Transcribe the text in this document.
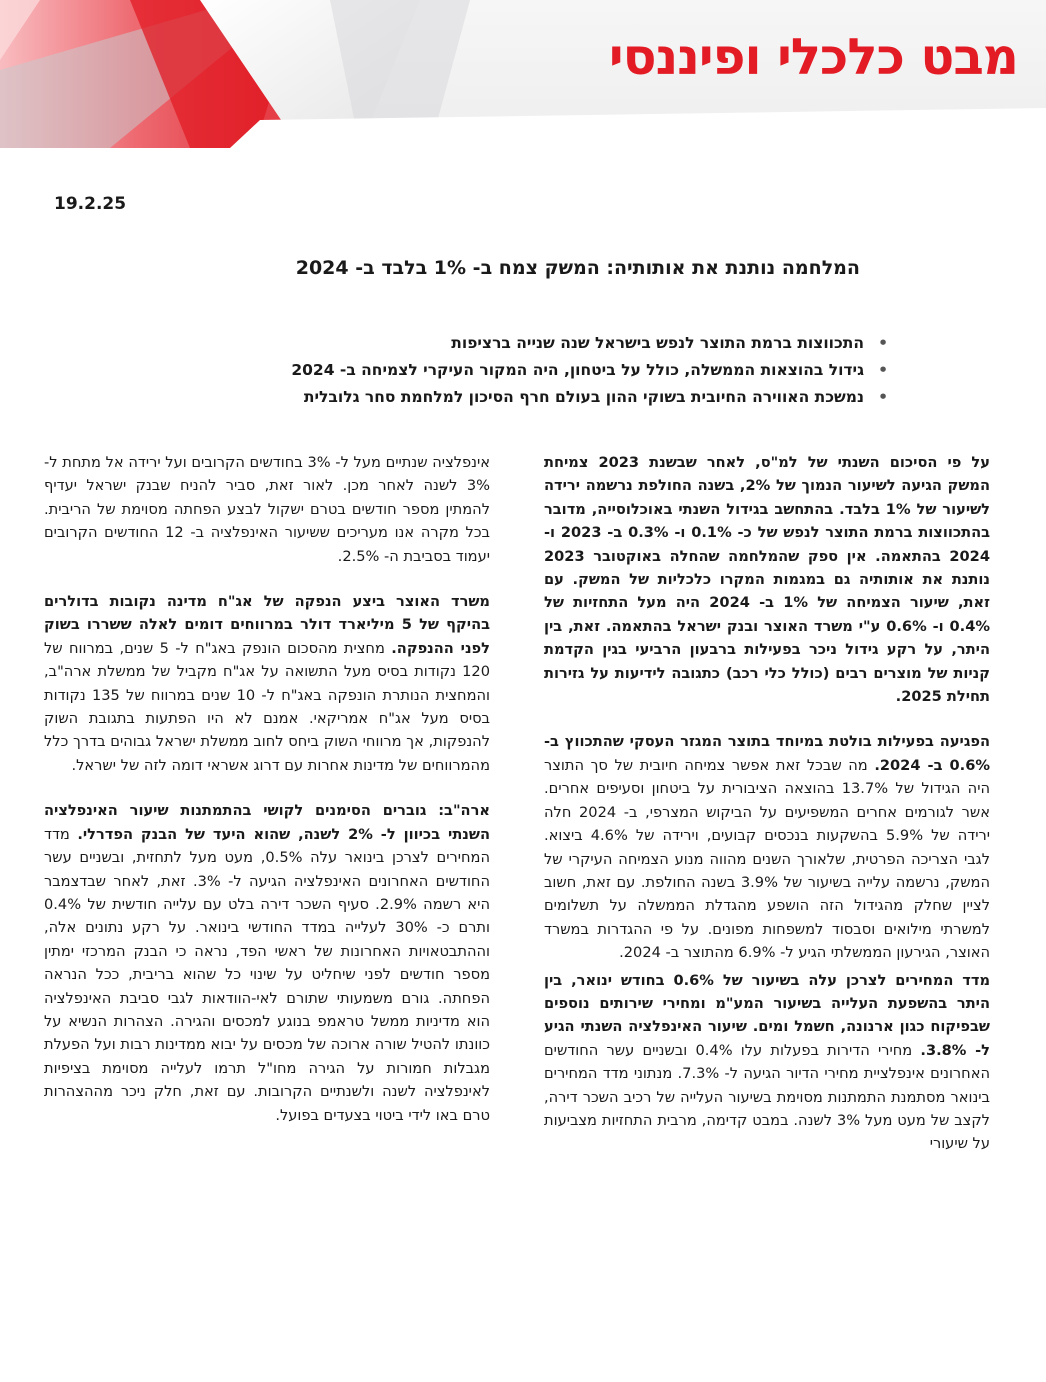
מבט כלכלי ופיננסי
19.2.25
המלחמה נותנת את אותותיה: המשק צמח ב- 1% בלבד ב- 2024
• התכווצות ברמת התוצר לנפש בישראל שנה שנייה ברציפות
• גידול בהוצאות הממשלה, כולל על ביטחון, היה המקור העיקרי לצמיחה ב- 2024
• נמשכת האווירה החיובית בשוקי ההון בעולם חרף הסיכון למלחמת סחר גלובלית

על פי הסיכום השנתי של למ"ס, לאחר שבשנת 2023 צמיחת המשק הגיעה לשיעור הנמוך של 2%, בשנה החולפת נרשמה ירידה לשיעור של 1% בלבד. בהתחשב בגידול השנתי באוכלוסייה, מדובר בהתכווצות ברמת התוצר לנפש של כ- 0.1% ו- 0.3% ב- 2023 ו- 2024 בהתאמה. אין ספק שהמלחמה שהחלה באוקטובר 2023 נותנת את אותותיה גם במגמות המקרו כלכליות של המשק. עם זאת, שיעור הצמיחה של 1% ב- 2024 היה מעל התחזיות של 0.4% ו- 0.6% ע"י משרד האוצר ובנק ישראל בהתאמה. זאת, בין היתר, על רקע גידול ניכר בפעילות ברבעון הרביעי בגין הקדמת קניות של מוצרים רבים (כולל כלי רכב) כתגובה לידיעות על גזירות תחילת 2025.

הפגיעה בפעילות בולטת במיוחד בתוצר המגזר העסקי שהתכווץ ב- 0.6% ב- 2024. מה שבכל זאת אפשר צמיחה חיובית של סך התוצר היה הגידול של 13.7% בהוצאה הציבורית על ביטחון וסעיפים אחרים. אשר לגורמים אחרים המשפיעים על הביקוש המצרפי, ב- 2024 חלה ירידה של 5.9% בהשקעות בנכסים קבועים, וירידה של 4.6% ביצוא. לגבי הצריכה הפרטית, שלאורך השנים מהווה מנוע הצמיחה העיקרי של המשק, נרשמה עלייה בשיעור של 3.9% בשנה החולפת. עם זאת, חשוב לציין שחלק מהגידול הזה הושפע מהגדלת הממשלה על תשלומים למשרתי מילואים וסבסוד למשפחות מפונים. על פי ההגדרות במשרד האוצר, הגירעון הממשלתי הגיע ל- 6.9% מהתוצר ב- 2024.

מדד המחירים לצרכן עלה בשיעור של 0.6% בחודש ינואר, בין היתר בהשפעת העלייה בשיעור המע"מ ומחירי שירותים נוספים שבפיקוח כגון ארנונה, חשמל ומים. שיעור האינפלציה השנתי הגיע ל- 3.8%. מחירי הדירות בפעלות עלו 0.4% ובשניים עשר החודשים האחרונים אינפלציית מחירי הדיור הגיעה ל- 7.3%. מנתוני מדד המחירים בינואר מסתמנת התמתנות מסוימת בשיעור העלייה של רכיב השכר דירה, לקצב של מעט מעל 3% לשנה. במבט קדימה, מרבית התחזיות מצביעות על שיעורי

אינפלציה שנתיים מעל ל- 3% בחודשים הקרובים ועל ירידה אל מתחת ל- 3% לשנה לאחר מכן. לאור זאת, סביר להניח שבנק ישראל יעדיף להמתין מספר חודשים בטרם ישקול לבצע הפחתה מסוימת של הריבית. בכל מקרה אנו מעריכים ששיעור האינפלציה ב- 12 החודשים הקרובים יעמוד בסביבת ה- 2.5%.

משרד האוצר ביצע הנפקה של אג"ח מדינה נקובות בדולרים בהיקף של 5 מיליארד דולר במרווחים דומים לאלה ששררו בשוק לפני ההנפקה. מחצית מהסכום הונפק באג"ח ל- 5 שנים, במרווח של 120 נקודות בסיס מעל התשואה על אג"ח מקביל של ממשלת ארה"ב, והמחצית הנותרת הונפקה באג"ח ל- 10 שנים במרווח של 135 נקודות בסיס מעל אג"ח אמריקאי. אמנם לא היו הפתעות בתגובת השוק להנפקות, אך מרווחי השוק ביחס לחוב ממשלת ישראל גבוהים בדרך כלל מהמרווחים של מדינות אחרות עם דרוג אשראי דומה לזה של ישראל.

ארה"ב: גוברים הסימנים לקושי בהתמתנות שיעור האינפלציה השנתי בכיוון ל- 2% לשנה, שהוא היעד של הבנק הפדרלי. מדד המחירים לצרכן בינואר עלה 0.5%, מעט מעל לתחזית, ובשניים עשר החודשים האחרונים האינפלציה הגיעה ל- 3%. זאת, לאחר שבדצמבר היא רשמה 2.9%. סעיף השכר דירה בלט עם עלייה חודשית של 0.4% ותרם כ- 30% לעלייה במדד החודשי בינואר. על רקע נתונים אלה, וההתבטאויות האחרונות של ראשי הפד, נראה כי הבנק המרכזי ימתין מספר חודשים לפני שיחליט על שינוי כל שהוא בריבית, ככל הנראה הפחתה. גורם משמעותי שתורם לאי-הוודאות לגבי סביבת האינפלציה הוא מדיניות ממשל טראמפ בנוגע למכסים והגירה. הצהרות הנשיא על כוונתו להטיל שורה ארוכה של מכסים על יבוא ממדינות רבות ועל הפעלת מגבלות חמורות על הגירה מחו"ל תרמו לעלייה מסוימת בציפיות לאינפלציה לשנה ולשנתיים הקרובות. עם זאת, חלק ניכר מההצהרות טרם באו לידי ביטוי בצעדים בפועל.
